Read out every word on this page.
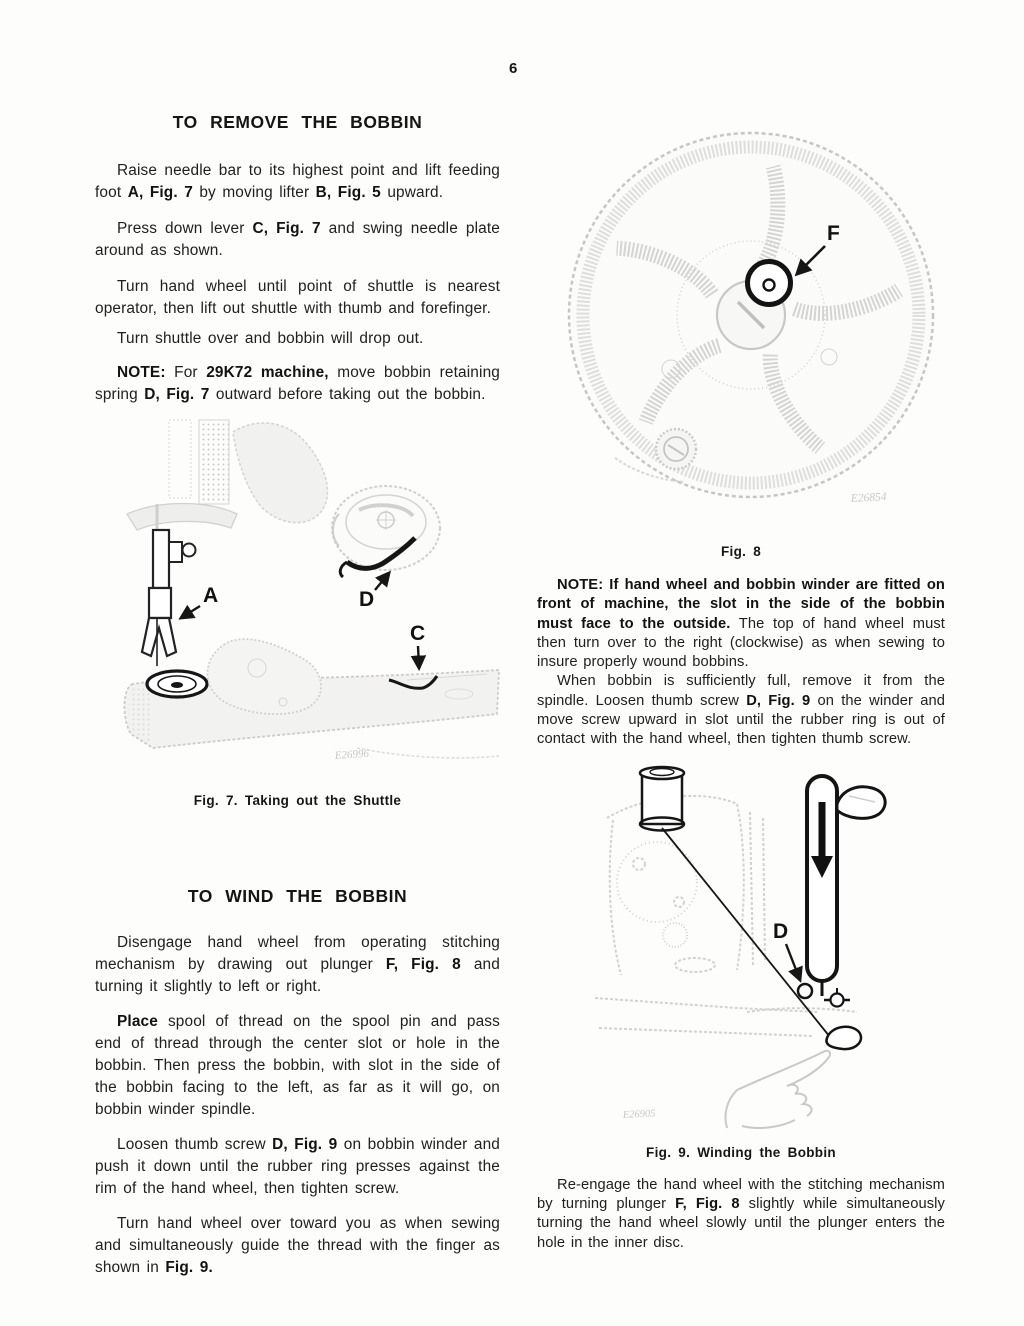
6
TO REMOVE THE BOBBIN

Raise needle bar to its highest point and lift feeding foot A, Fig. 7 by moving lifter B, Fig. 5 upward.

Press down lever C, Fig. 7 and swing needle plate around as shown.

Turn hand wheel until point of shuttle is nearest operator, then lift out shuttle with thumb and forefinger.

Turn shuttle over and bobbin will drop out.

NOTE: For 29K72 machine, move bobbin retaining spring D, Fig. 7 outward before taking out the bobbin.

A	D
C
E26996
Fig. 7. Taking out the Shuttle
TO WIND THE BOBBIN

Disengage hand wheel from operating stitching mechanism by drawing out plunger F, Fig. 8 and turning it slightly to left or right.

Place spool of thread on the spool pin and pass end of thread through the center slot or hole in the bobbin. Then press the bobbin, with slot in the side of the bobbin facing to the left, as far as it will go, on bobbin winder spindle.

Loosen thumb screw D, Fig. 9 on bobbin winder and push it down until the rubber ring presses against the rim of the hand wheel, then tighten screw.

Turn hand wheel over toward you as when sewing and simultaneously guide the thread with the finger as shown in Fig. 9.

F
E26854
Fig. 8

NOTE: If hand wheel and bobbin winder are fitted on front of machine, the slot in the side of the bobbin must face to the outside. The top of hand wheel must then turn over to the right (clockwise) as when sewing to insure properly wound bobbins.

When bobbin is sufficiently full, remove it from the spindle. Loosen thumb screw D, Fig. 9 on the winder and move screw upward in slot until the rubber ring is out of contact with the hand wheel, then tighten thumb screw.

D
E26905
Fig. 9. Winding the Bobbin

Re-engage the hand wheel with the stitching mechanism by turning plunger F, Fig. 8 slightly while simultaneously turning the hand wheel slowly until the plunger enters the hole in the inner disc.
